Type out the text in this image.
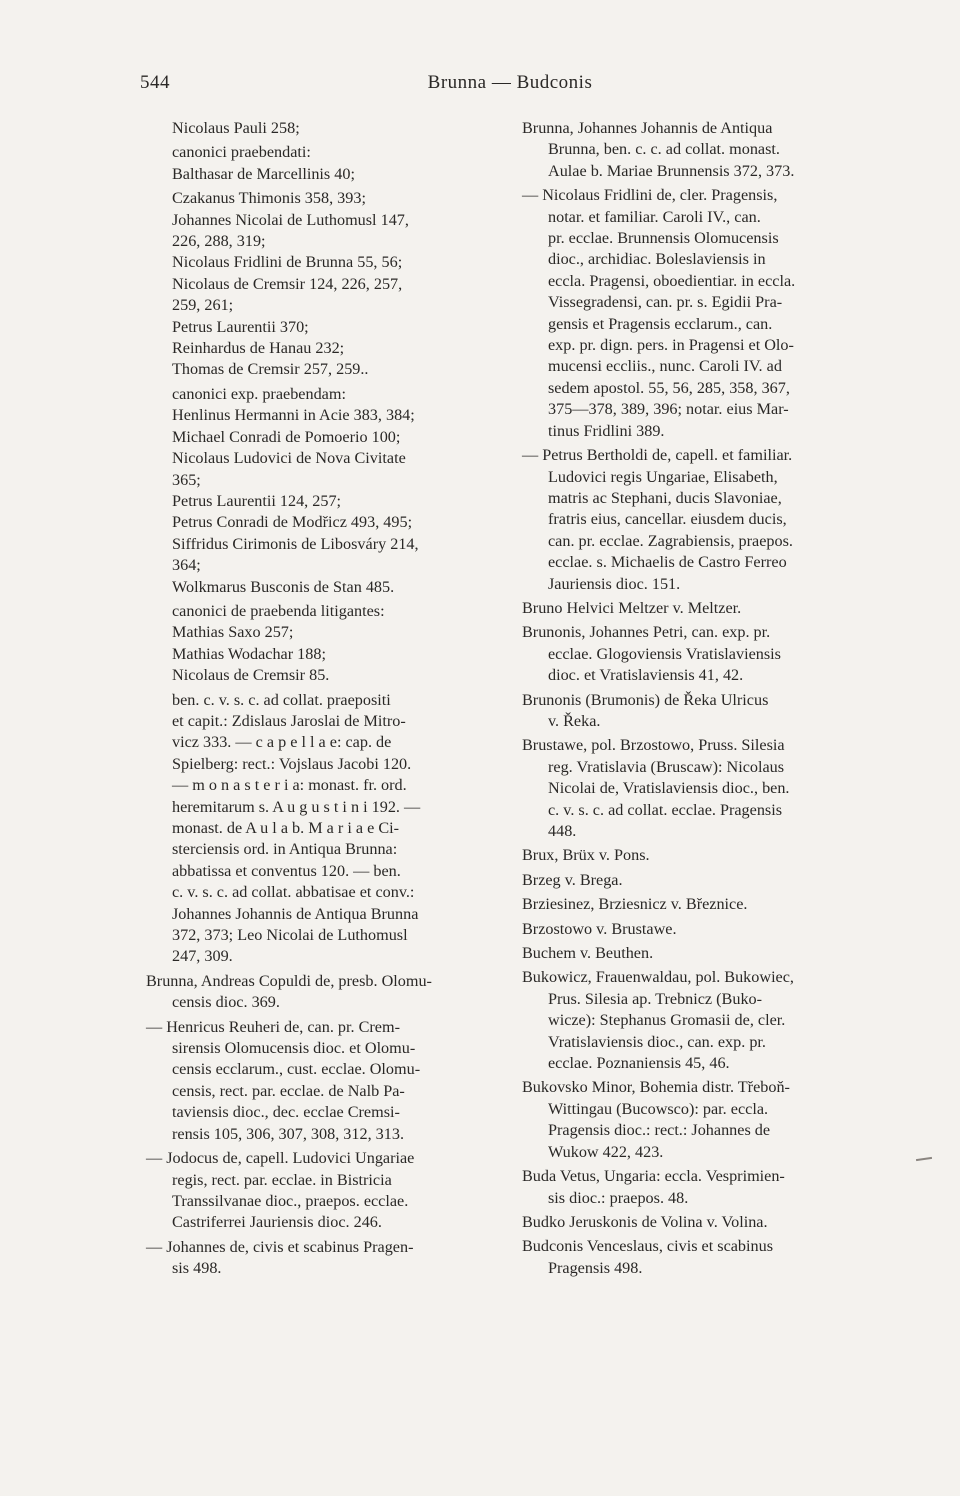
544	Brunna — Budconis
Nicolaus Pauli 258;
canonici praebendati:
Balthasar de Marcellinis 40;
Czakanus Thimonis 358, 393;
Johannes Nicolai de Luthomusl 147,
226, 288, 319;
Nicolaus Fridlini de Brunna 55, 56;
Nicolaus de Cremsir 124, 226, 257,
259, 261;
Petrus Laurentii 370;
Reinhardus de Hanau 232;
Thomas de Cremsir 257, 259..
canonici exp. praebendam:
Henlinus Hermanni in Acie 383, 384;
Michael Conradi de Pomoerio 100;
Nicolaus Ludovici de Nova Civitate
365;
Petrus Laurentii 124, 257;
Petrus Conradi de Modřicz 493, 495;
Siffridus Cirimonis de Libosváry 214,
364;
Wolkmarus Busconis de Stan 485.
canonici de praebenda litigantes:
Mathias Saxo 257;
Mathias Wodachar 188;
Nicolaus de Cremsir 85.
ben. c. v. s. c. ad collat. praepositi
et capit.: Zdislaus Jaroslai de Mitro-
vicz 333. — c a p e l l a e: cap. de
Spielberg: rect.: Vojslaus Jacobi 120.
— m o n a s t e r i a: monast. fr. ord.
heremitarum s. A u g u s t i n i 192. —
monast. de A u l a b. M a r i a e Ci-
sterciensis ord. in Antiqua Brunna:
abbatissa et conventus 120. — ben.
c. v. s. c. ad collat. abbatisae et conv.:
Johannes Johannis de Antiqua Brunna
372, 373; Leo Nicolai de Luthomusl
247, 309.
Brunna, Andreas Copuldi de, presb. Olomu-
censis dioc. 369.
— Henricus Reuheri de, can. pr. Crem-
sirensis Olomucensis dioc. et Olomu-
censis ecclarum., cust. ecclae. Olomu-
censis, rect. par. ecclae. de Nalb Pa-
taviensis dioc., dec. ecclae Cremsi-
rensis 105, 306, 307, 308, 312, 313.
— Jodocus de, capell. Ludovici Ungariae
regis, rect. par. ecclae. in Bistricia
Transsilvanae dioc., praepos. ecclae.
Castriferrei Jauriensis dioc. 246.
— Johannes de, civis et scabinus Pragen-
sis 498.
Brunna, Johannes Johannis de Antiqua
Brunna, ben. c. c. ad collat. monast.
Aulae b. Mariae Brunnensis 372, 373.
— Nicolaus Fridlini de, cler. Pragensis,
notar. et familiar. Caroli IV., can.
pr. ecclae. Brunnensis Olomucensis
dioc., archidiac. Boleslaviensis in
eccla. Pragensi, oboedientiar. in eccla.
Vissegradensi, can. pr. s. Egidii Pra-
gensis et Pragensis ecclarum., can.
exp. pr. dign. pers. in Pragensi et Olo-
mucensi eccliis., nunc. Caroli IV. ad
sedem apostol. 55, 56, 285, 358, 367,
375—378, 389, 396; notar. eius Mar-
tinus Fridlini 389.
— Petrus Bertholdi de, capell. et familiar.
Ludovici regis Ungariae, Elisabeth,
matris ac Stephani, ducis Slavoniae,
fratris eius, cancellar. eiusdem ducis,
can. pr. ecclae. Zagrabiensis, praepos.
ecclae. s. Michaelis de Castro Ferreo
Jauriensis dioc. 151.
Bruno Helvici Meltzer v. Meltzer.
Brunonis, Johannes Petri, can. exp. pr.
ecclae. Glogoviensis Vratislaviensis
dioc. et Vratislaviensis 41, 42.
Brunonis (Brumonis) de Řeka Ulricus
v. Řeka.
Brustawe, pol. Brzostowo, Pruss. Silesia
reg. Vratislavia (Bruscaw): Nicolaus
Nicolai de, Vratislaviensis dioc., ben.
c. v. s. c. ad collat. ecclae. Pragensis
448.
Brux, Brüx v. Pons.
Brzeg v. Brega.
Brziesinez, Brziesnicz v. Březnice.
Brzostowo v. Brustawe.
Buchem v. Beuthen.
Bukowicz, Frauenwaldau, pol. Bukowiec,
Prus. Silesia ap. Trebnicz (Buko-
wicze): Stephanus Gromasii de, cler.
Vratislaviensis dioc., can. exp. pr.
ecclae. Poznaniensis 45, 46.
Bukovsko Minor, Bohemia distr. Třeboň-
Wittingau (Bucowsco): par. eccla.
Pragensis dioc.: rect.: Johannes de
Wukow 422, 423.
Buda Vetus, Ungaria: eccla. Vesprimien-
sis dioc.: praepos. 48.
Budko Jeruskonis de Volina v. Volina.
Budconis Venceslaus, civis et scabinus
Pragensis 498.
